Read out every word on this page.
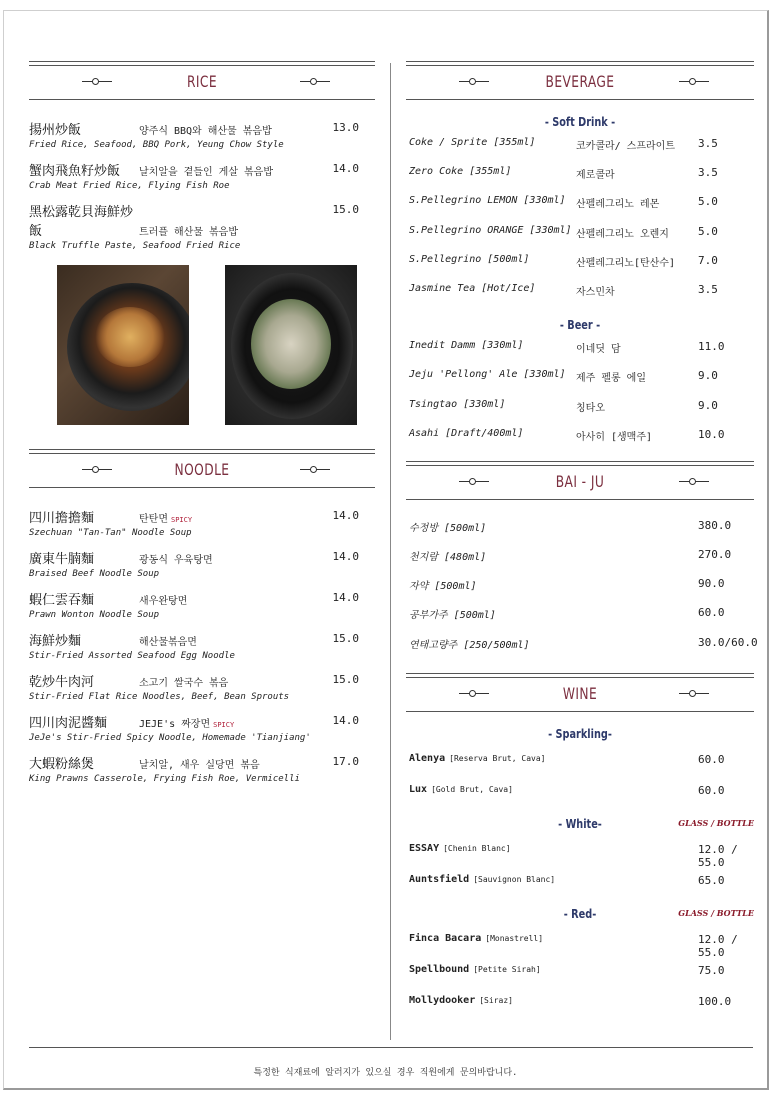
RICE
揚州炒飯	양주식 BBQ와 해산물 볶음밥
Fried Rice, Seafood, BBQ Pork, Yeung Chow Style
13.0
蟹肉飛魚籽炒飯 날치알을 곁들인 게살 볶음밥
Crab Meat Fried Rice, Flying Fish Roe
14.0
黑松露乾貝海鮮炒飯	트러플 해산물 볶음밥
Black Truffle Paste, Seafood Fried Rice
15.0
NOODLE
四川擔擔麵	탄탄면 SPICY
Szechuan "Tan-Tan" Noodle Soup
14.0
廣東牛腩麵	광동식 우육탕면
Braised Beef Noodle Soup
14.0
蝦仁雲吞麵	새우완탕면
Prawn Wonton Noodle Soup
14.0
海鮮炒麵	해산물볶음면
Stir-Fried Assorted Seafood Egg Noodle
15.0
乾炒牛肉河	소고기 쌀국수 볶음
Stir-Fried Flat Rice Noodles, Beef, Bean Sprouts
15.0
四川肉泥醬麵	JEJE's 짜장면 SPICY
JeJe's Stir-Fried Spicy Noodle, Homemade 'Tianjiang'
14.0
大蝦粉絲煲	날치알, 새우 실당면 볶음
King Prawns Casserole, Frying Fish Roe, Vermicelli
17.0
BEVERAGE
- Soft Drink -
Coke / Sprite [355ml]	코카콜라/ 스프라이트 3.5
Zero Coke [355ml]	제로콜라	3.5
S.Pellegrino LEMON [330ml] 산펠레그리노 레몬	5.0
S.Pellegrino ORANGE [330ml] 산펠레그리노 오렌지	5.0
S.Pellegrino [500ml]	산펠레그리노[탄산수] 7.0
Jasmine Tea [Hot/Ice]	자스민차	3.5
- Beer -
Inedit Damm [330ml]	이네딧 담	11.0
Jeju 'Pellong' Ale [330ml] 제주 펠롱 에일	9.0
Tsingtao [330ml]	칭타오	9.0
Asahi [Draft/400ml]	아사히 [생맥주]	10.0
BAI - JU
수정방 [500ml]	380.0
천지람 [480ml]	270.0
자약 [500ml]	90.0
공부가주 [500ml]	60.0
연태고량주 [250/500ml]	30.0/60.0
WINE
- Sparkling-
Alenya [Reserva Brut, Cava]	60.0
Lux [Gold Brut, Cava]	60.0
- White-	GLASS / BOTTLE
ESSAY [Chenin Blanc]	12.0 / 55.0
Auntsfield [Sauvignon Blanc]	65.0
- Red-	GLASS / BOTTLE
Finca Bacara [Monastrell]	12.0 / 55.0
Spellbound [Petite Sirah]	75.0
Mollydooker [Siraz]	100.0
특정한 식재료에 알러지가 있으실 경우 직원에게 문의바랍니다.
